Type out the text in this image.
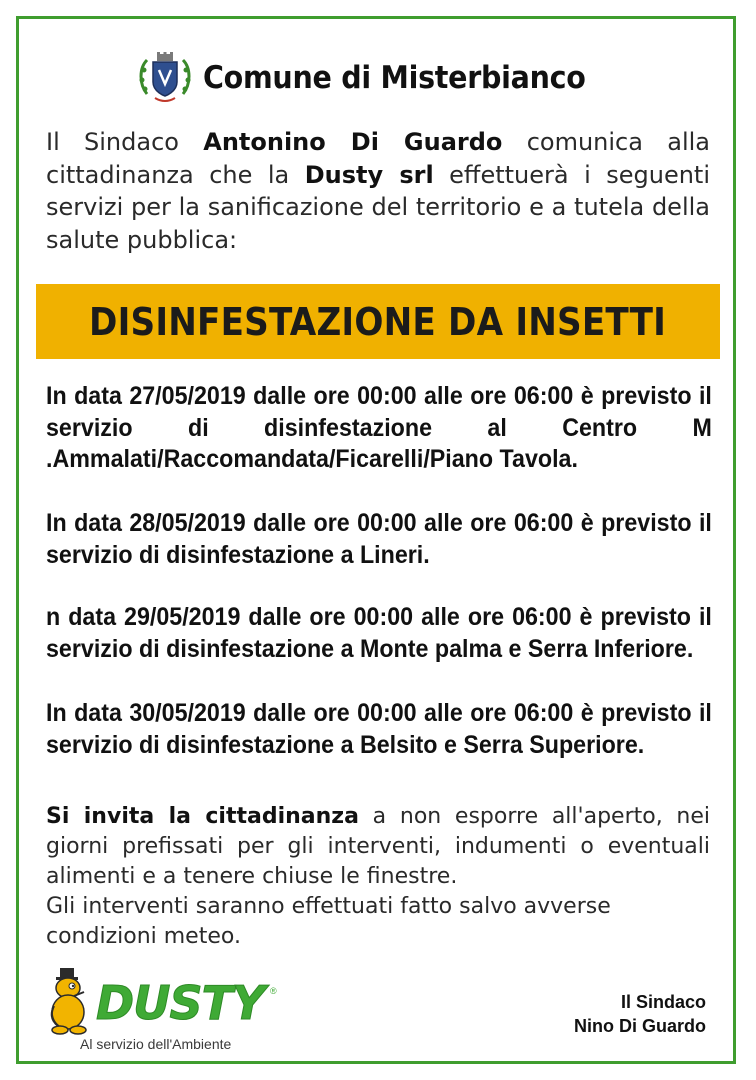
Comune di Misterbianco
Il Sindaco Antonino Di Guardo comunica alla cittadinanza che la Dusty srl effettuerà i seguenti servizi per la sanificazione del territorio e a tutela della salute pubblica:
DISINFESTAZIONE DA INSETTI
In data 27/05/2019 dalle ore 00:00 alle ore 06:00 è previsto il servizio di disinfestazione al Centro M .Ammalati/Raccomandata/Ficarelli/Piano Tavola.
In data 28/05/2019 dalle ore 00:00 alle ore 06:00 è previsto il servizio di disinfestazione a Lineri.
n data 29/05/2019 dalle ore 00:00 alle ore 06:00 è previsto il servizio di disinfestazione a Monte palma e Serra Inferiore.
In data 30/05/2019 dalle ore 00:00 alle ore 06:00 è previsto il servizio di disinfestazione a Belsito e Serra Superiore.
Si invita la cittadinanza a non esporre all'aperto, nei giorni prefissati per gli interventi, indumenti o eventuali alimenti e a tenere chiuse le finestre.
Gli interventi saranno effettuati fatto salvo avverse condizioni meteo.
DUSTY ®
Al servizio dell'Ambiente
Il Sindaco
Nino Di Guardo
